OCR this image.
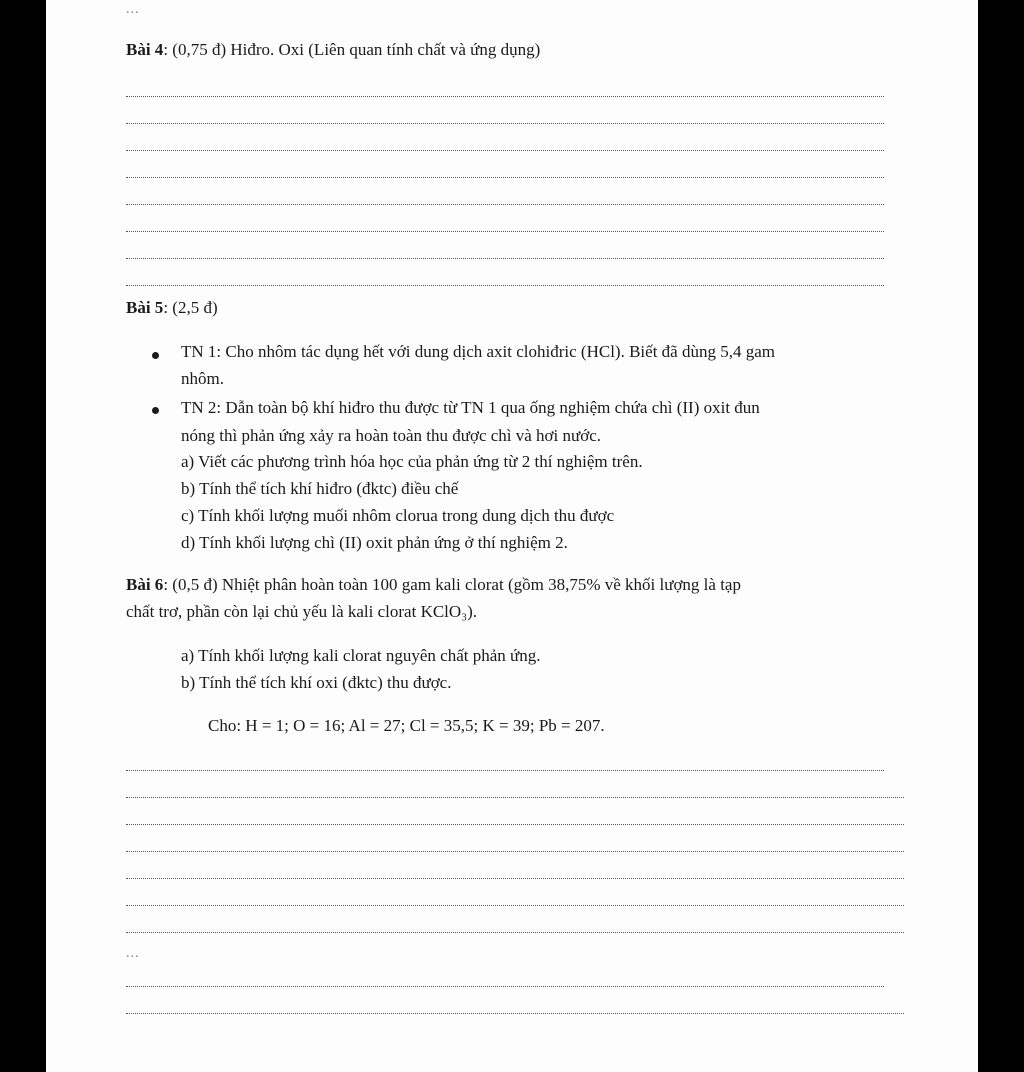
...
Bài 4: (0,75 đ) Hiđro. Oxi (Liên quan tính chất và ứng dụng)
Bài 5: (2,5 đ)
TN 1: Cho nhôm tác dụng hết với dung dịch axit clohiđric (HCl). Biết đã dùng 5,4 gam
nhôm.
TN 2: Dẫn toàn bộ khí hiđro thu được từ TN 1 qua ống nghiệm chứa chì (II) oxit đun
nóng thì phản ứng xảy ra hoàn toàn thu được chì và hơi nước.
a) Viết các phương trình hóa học của phản ứng từ 2 thí nghiệm trên.
b) Tính thể tích khí hiđro (đktc) điều chế
c) Tính khối lượng muối nhôm clorua trong dung dịch thu được
d) Tính khối lượng chì (II) oxit phản ứng ở thí nghiệm 2.
Bài 6: (0,5 đ) Nhiệt phân hoàn toàn 100 gam kali clorat (gồm 38,75% về khối lượng là tạp
chất trơ, phần còn lại chủ yếu là kali clorat KClO₃).
a) Tính khối lượng kali clorat nguyên chất phản ứng.
b) Tính thể tích khí oxi (đktc) thu được.
Cho: H = 1; O = 16; Al = 27; Cl = 35,5; K = 39; Pb = 207.
...
